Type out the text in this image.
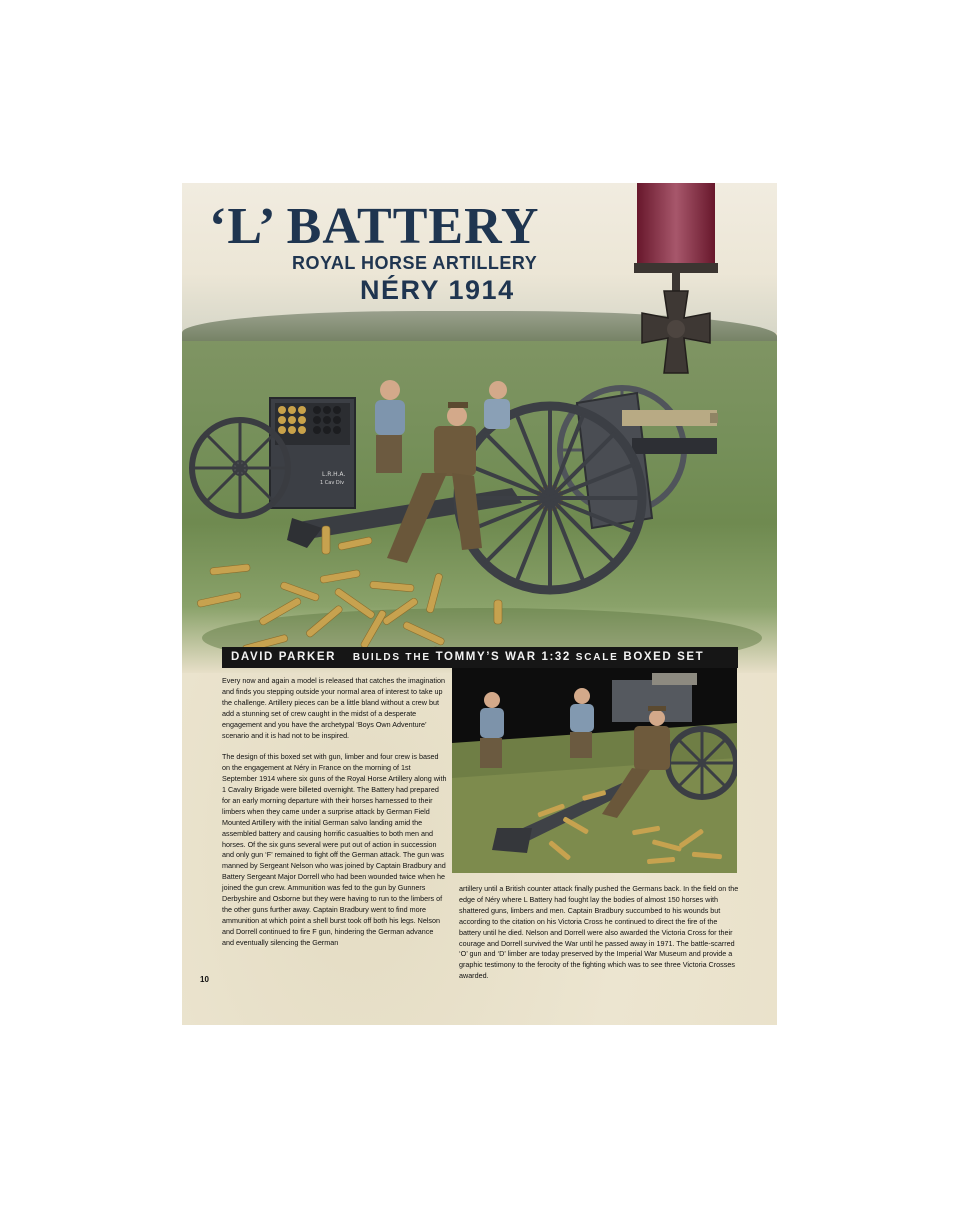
L.R.H.A.
1 Cav Div
‘L’ BATTERY
ROYAL HORSE ARTILLERY
NÉRY 1914
DAVID PARKER BUILDS THE TOMMY’S WAR 1:32 SCALE BOXED SET

Every now and again a model is released that catches the imagination and finds you stepping outside your normal area of interest to take up the challenge. Artillery pieces can be a little bland without a crew but add a stunning set of crew caught in the midst of a desperate engagement and you have the archetypal ‘Boys Own Adventure’ scenario and it is had not to be inspired.

The design of this boxed set with gun, limber and four crew is based on the engagement at Néry in France on the morning of 1st September 1914 where six guns of the Royal Horse Artillery along with 1 Cavalry Brigade were billeted overnight. The Battery had prepared for an early morning departure with their horses harnessed to their limbers when they came under a surprise attack by German Field Mounted Artillery with the initial German salvo landing amid the assembled battery and causing horrific casualties to both men and horses. Of the six guns several were put out of action in succession and only gun ‘F’ remained to fight off the German attack. The gun was manned by Sergeant Nelson who was joined by Captain Bradbury and Battery Sergeant Major Dorrell who had been wounded twice when he joined the gun crew. Ammunition was fed to the gun by Gunners Derbyshire and Osborne but they were having to run to the limbers of the other guns further away. Captain Bradbury went to find more ammunition at which point a shell burst took off both his legs. Nelson and Dorrell continued to fire F gun, hindering the German advance and eventually silencing the German

artillery until a British counter attack finally pushed the Germans back. In the field on the edge of Néry where L Battery had fought lay the bodies of almost 150 horses with shattered guns, limbers and men. Captain Bradbury succumbed to his wounds but according to the citation on his Victoria Cross he continued to direct the fire of the battery until he died. Nelson and Dorrell were also awarded the Victoria Cross for their courage and Dorrell survived the War until he passed away in 1971. The battle-scarred ‘O’ gun and ‘D’ limber are today preserved by the Imperial War Museum and provide a graphic testimony to the ferocity of the fighting which was to see three Victoria Crosses awarded.

10
